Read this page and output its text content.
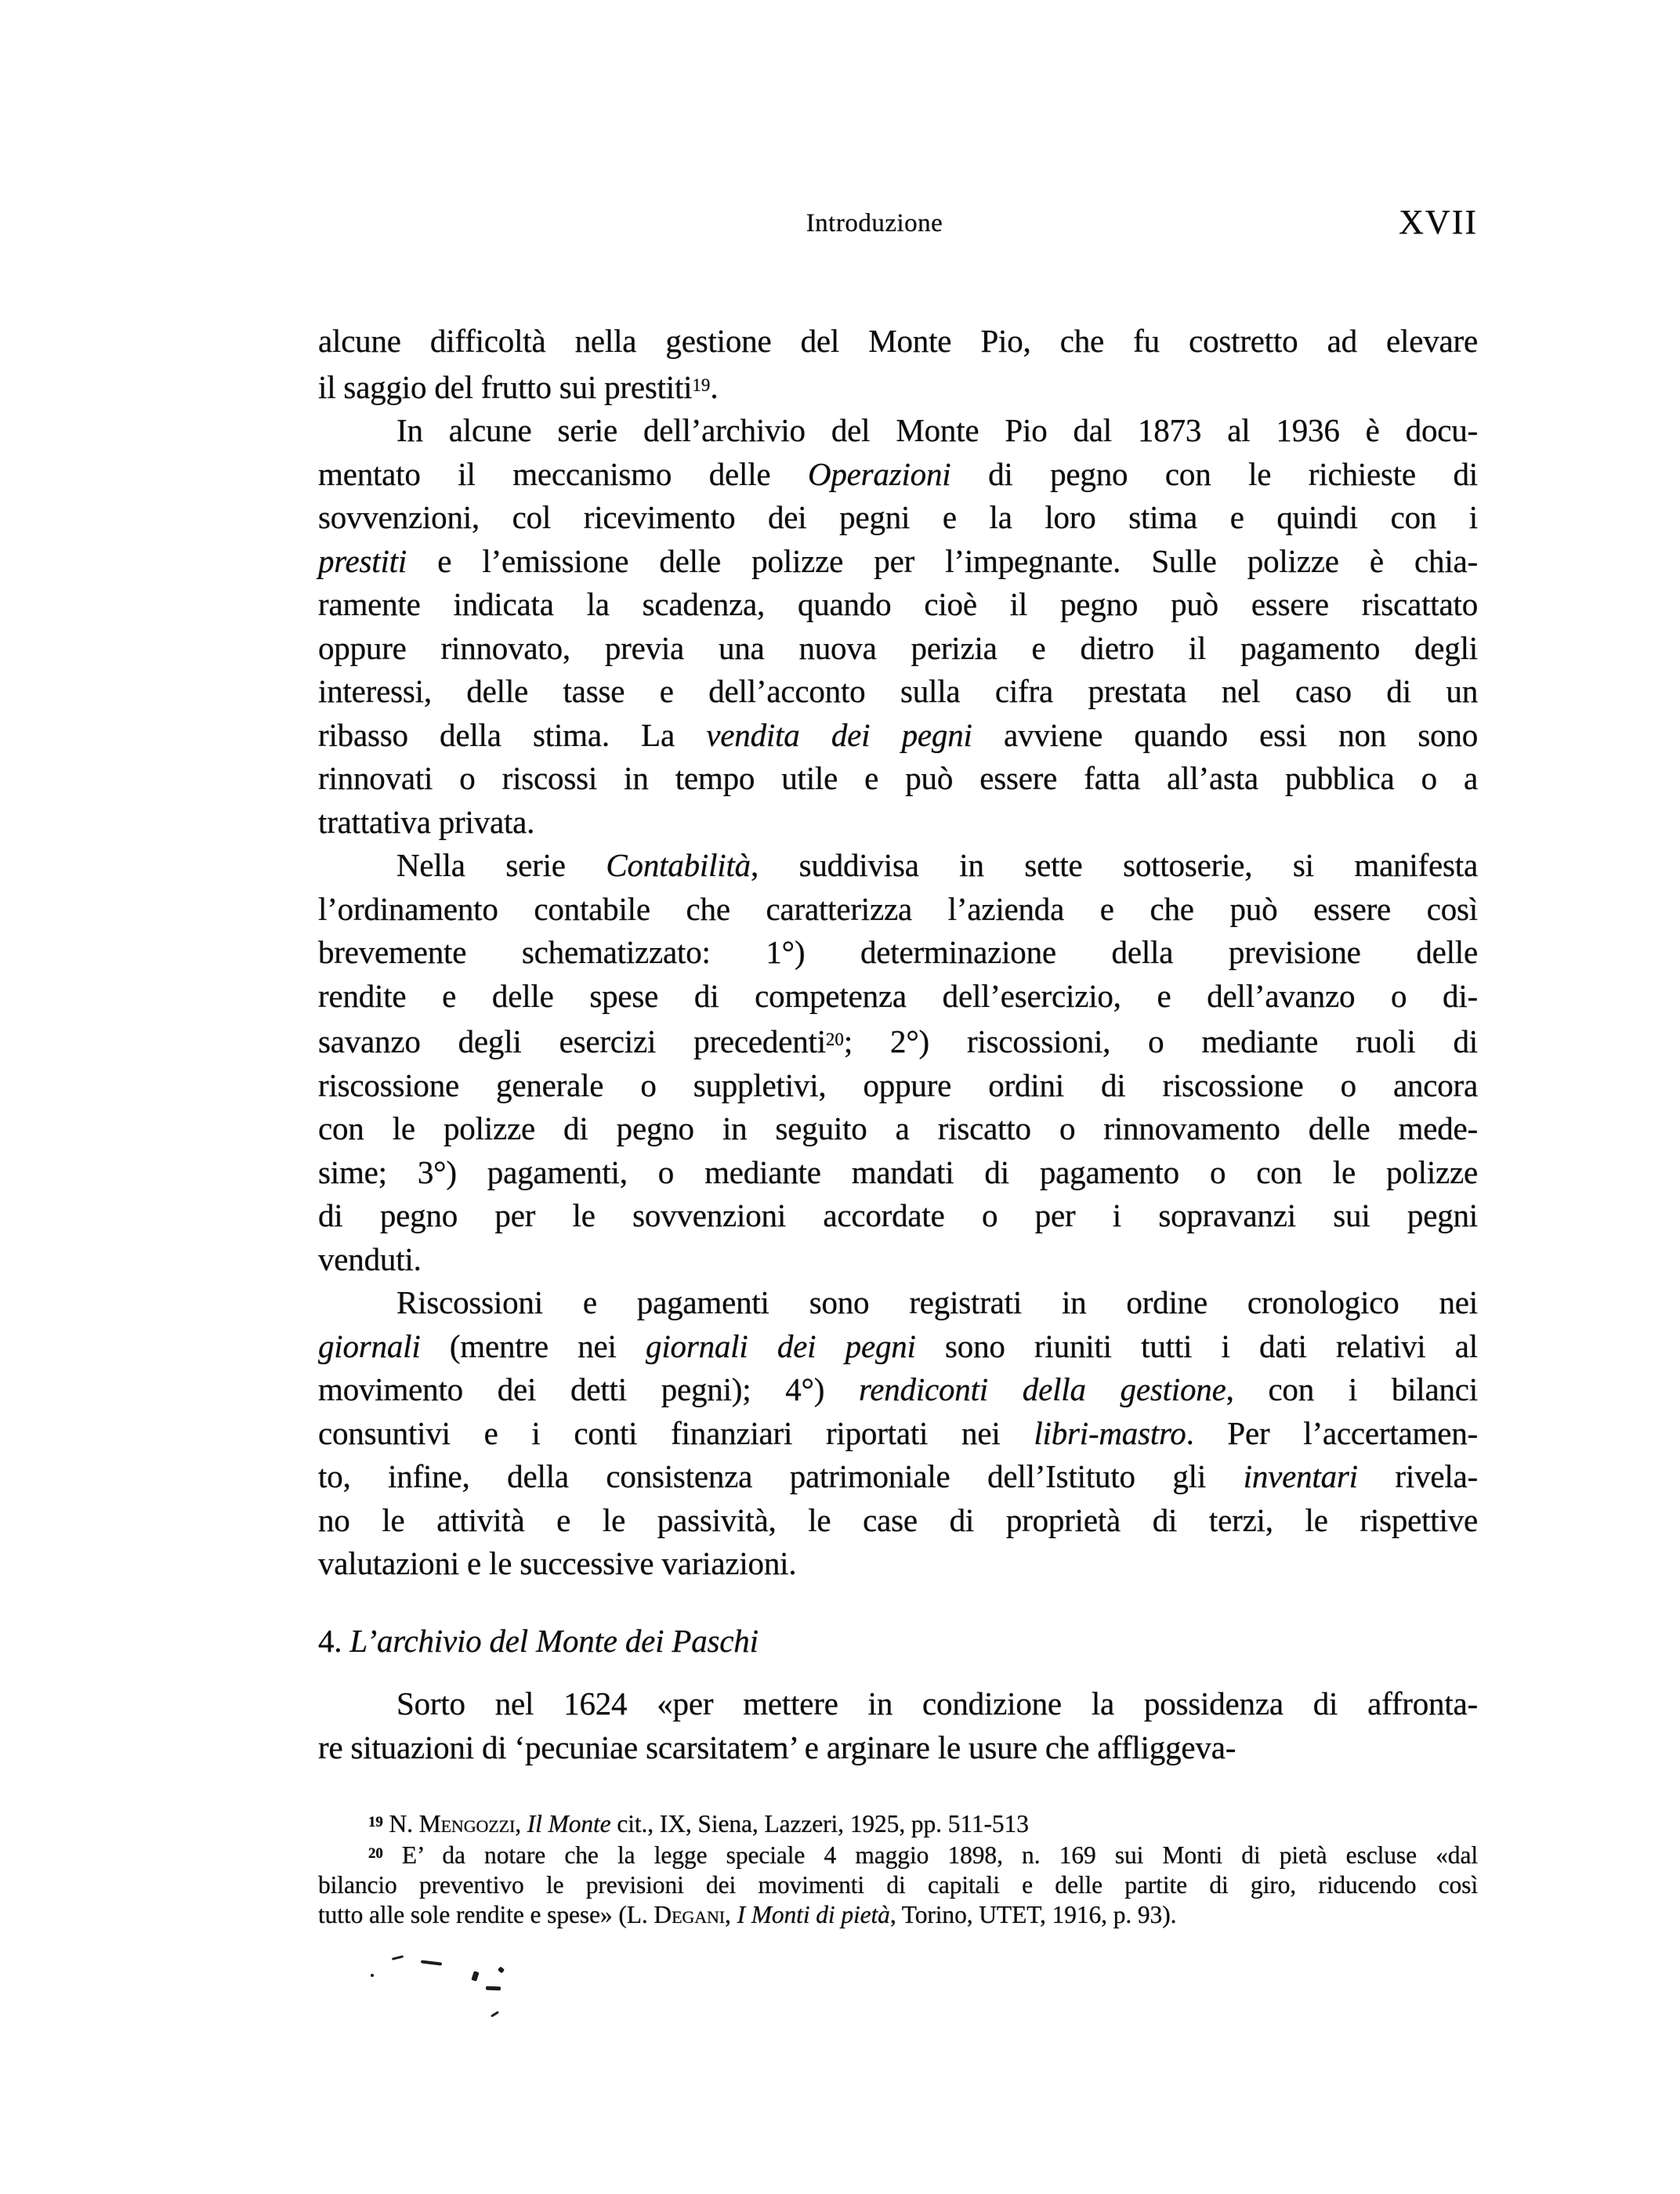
Introduzione	XVII
alcune difficoltà nella gestione del Monte Pio, che fu costretto ad elevare
il saggio del frutto sui prestiti$^{19}$.
In alcune serie dell’archivio del Monte Pio dal 1873 al 1936 è docu-
mentato il meccanismo delle Operazioni di pegno con le richieste di
sovvenzioni, col ricevimento dei pegni e la loro stima e quindi con i
prestiti e l’emissione delle polizze per l’impegnante. Sulle polizze è chia-
ramente indicata la scadenza, quando cioè il pegno può essere riscattato
oppure rinnovato, previa una nuova perizia e dietro il pagamento degli
interessi, delle tasse e dell’acconto sulla cifra prestata nel caso di un
ribasso della stima. La vendita dei pegni avviene quando essi non sono
rinnovati o riscossi in tempo utile e può essere fatta all’asta pubblica o a
trattativa privata.
Nella serie Contabilità, suddivisa in sette sottoserie, si manifesta
l’ordinamento contabile che caratterizza l’azienda e che può essere così
brevemente schematizzato: 1°) determinazione della previsione delle
rendite e delle spese di competenza dell’esercizio, e dell’avanzo o di-
savanzo degli esercizi precedenti$^{20}$; 2°) riscossioni, o mediante ruoli di
riscossione generale o suppletivi, oppure ordini di riscossione o ancora
con le polizze di pegno in seguito a riscatto o rinnovamento delle mede-
sime; 3°) pagamenti, o mediante mandati di pagamento o con le polizze
di pegno per le sovvenzioni accordate o per i sopravanzi sui pegni
venduti.
Riscossioni e pagamenti sono registrati in ordine cronologico nei
giornali (mentre nei giornali dei pegni sono riuniti tutti i dati relativi al
movimento dei detti pegni); 4°) rendiconti della gestione, con i bilanci
consuntivi e i conti finanziari riportati nei libri-mastro. Per l’accertamen-
to, infine, della consistenza patrimoniale dell’Istituto gli inventari rivela-
no le attività e le passività, le case di proprietà di terzi, le rispettive
valutazioni e le successive variazioni.
4. L’archivio del Monte dei Paschi
Sorto nel 1624 «per mettere in condizione la possidenza di affronta-
re situazioni di ‘pecuniae scarsitatem’ e arginare le usure che affliggeva-
$^{19}$ N. Mengozzi, Il Monte cit., IX, Siena, Lazzeri, 1925, pp. 511-513
$^{20}$ E’ da notare che la legge speciale 4 maggio 1898, n. 169 sui Monti di pietà escluse «dal
bilancio preventivo le previsioni dei movimenti di capitali e delle partite di giro, riducendo così
tutto alle sole rendite e spese» (L. Degani, I Monti di pietà, Torino, UTET, 1916, p. 93).
